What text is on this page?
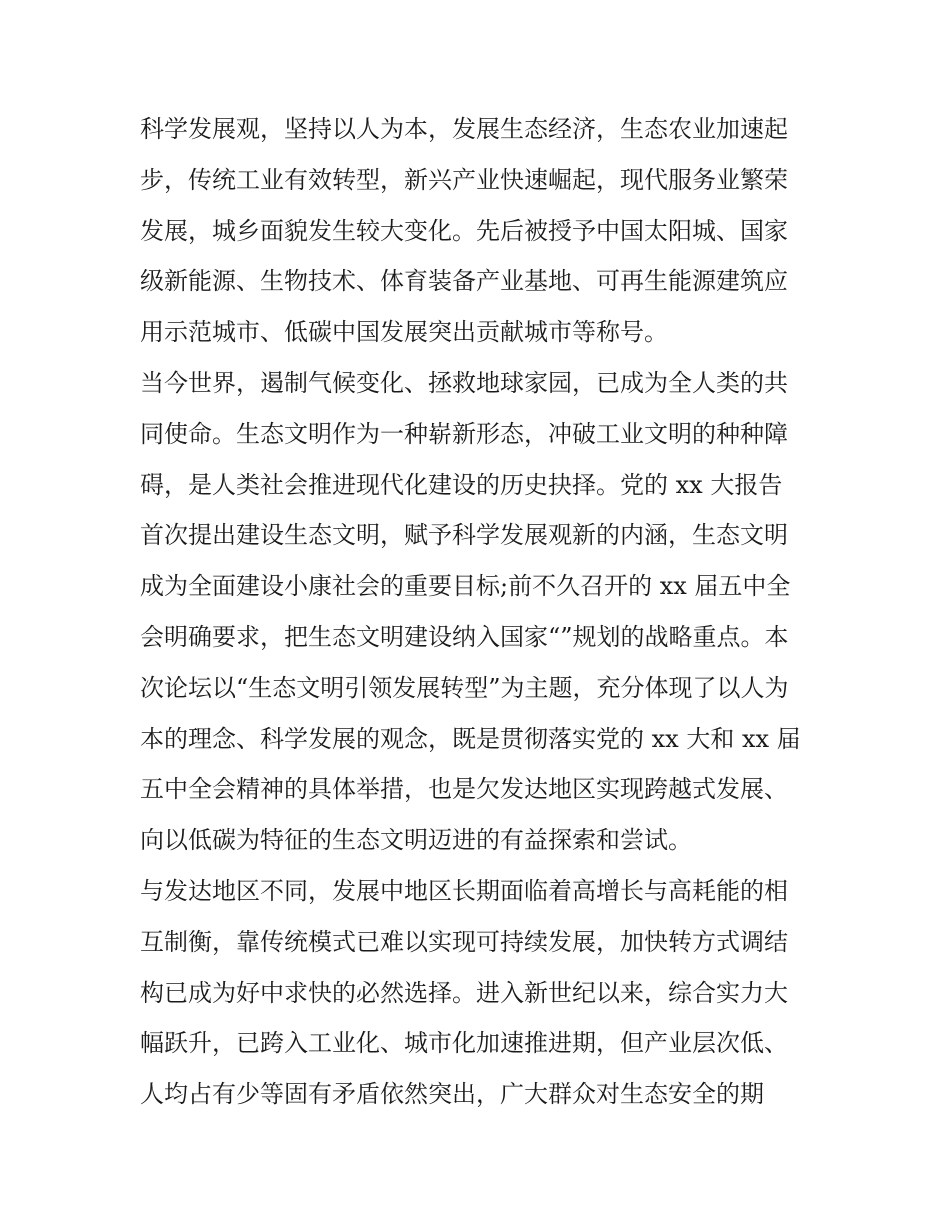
科学发展观，坚持以人为本，发展生态经济，生态农业加速起
步，传统工业有效转型，新兴产业快速崛起，现代服务业繁荣
发展，城乡面貌发生较大变化。先后被授予中国太阳城、国家
级新能源、生物技术、体育装备产业基地、可再生能源建筑应
用示范城市、低碳中国发展突出贡献城市等称号。
当今世界，遏制气候变化、拯救地球家园，已成为全人类的共
同使命。生态文明作为一种崭新形态，冲破工业文明的种种障
碍，是人类社会推进现代化建设的历史抉择。党的 xx 大报告
首次提出建设生态文明，赋予科学发展观新的内涵，生态文明
成为全面建设小康社会的重要目标;前不久召开的 xx 届五中全
会明确要求，把生态文明建设纳入国家“”规划的战略重点。本
次论坛以“生态文明引领发展转型”为主题，充分体现了以人为
本的理念、科学发展的观念，既是贯彻落实党的 xx 大和 xx 届
五中全会精神的具体举措，也是欠发达地区实现跨越式发展、
向以低碳为特征的生态文明迈进的有益探索和尝试。
与发达地区不同，发展中地区长期面临着高增长与高耗能的相
互制衡，靠传统模式已难以实现可持续发展，加快转方式调结
构已成为好中求快的必然选择。进入新世纪以来，综合实力大
幅跃升，已跨入工业化、城市化加速推进期，但产业层次低、
人均占有少等固有矛盾依然突出，广大群众对生态安全的期
